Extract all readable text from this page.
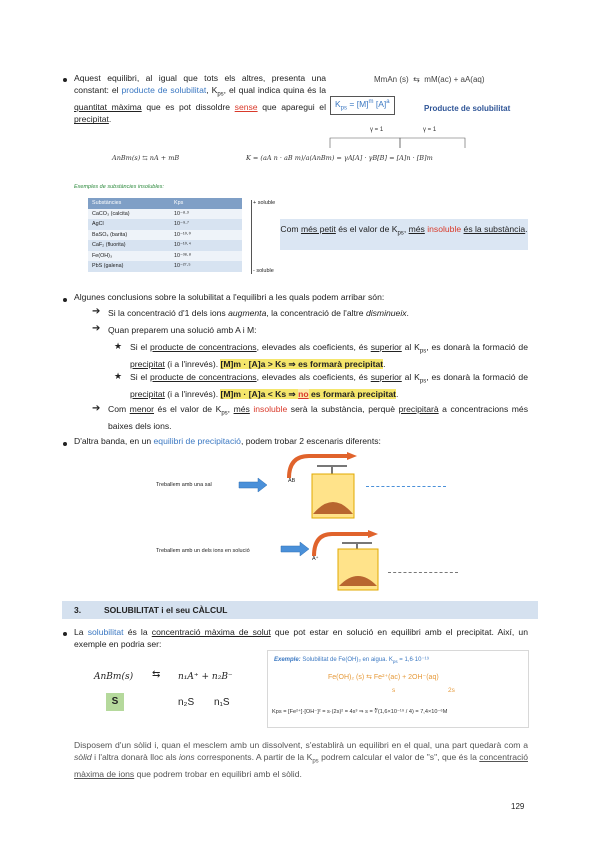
Aquest equilibri, al igual que tots els altres, presenta una constant: el producte de solubilitat, $K_{ps}$, el qual indica quina és la quantitat màxima que es pot dissoldre sense que aparegui el precipitat.

MmAn (s) ⇆ mM(ac) + aA(aq)
$K_{ps} = [M]^m$ $[A]^a$
Producte de solubilitat
γ = 1	γ = 1
AnBm(s) ⇆ nA + mB	K = (aA n · aB m)/a(AnBm) = γA[A] · γB[B] = [A]n · [B]m
Exemples de substàncies insolubles:
Substàncies	Kps
CaCO₃ (calcita)	10⁻⁸·³
AgCl	10⁻⁹·⁷
BaSO₄ (barita)	10⁻¹⁰·⁰
CaF₂ (fluorita)	10⁻¹⁰·⁴
Fe(OH)₃	10⁻³⁸·⁸
PbS (galena)	10⁻²⁷·⁵
+ soluble
- soluble
Com més petit és el valor de $K_{ps}$, més insoluble és la substància.
Algunes conclusions sobre la solubilitat a l'equilibri a les quals podem arribar són:
➔ Si la concentració d'1 dels ions augmenta, la concentració de l'altre disminueix.
➔ Quan preparem una solució amb A i M:
★ Si el producte de concentracions, elevades als coeficients, és superior al $K_{ps}$, es donarà la formació de precipitat (i a l'inrevés). [M]m · [A]a > Ks ⇒ es formarà precipitat.

★ Si el producte de concentracions, elevades als coeficients, és superior al $K_{ps}$, es donarà la formació de precipitat (i a l'inrevés). [M]m · [A]a < Ks ⇒ no es formarà precipitat.

➔ Com menor és el valor de $K_{ps}$, més insoluble serà la substància, perquè precipitarà a concentracions més baixes dels ions.

D'altra banda, en un equilibri de precipitació, podem trobar 2 escenaris diferents:
Treballem amb una sal
AB
Treballem amb un dels ions en solució
A⁺
3.	SOLUBILITAT i el seu CÀLCUL

La solubilitat és la concentració màxima de solut que pot estar en solució en equilibri amb el precipitat. Així, un exemple en podria ser:

AnBm(s) ⇆ n₁A⁺ + n₂B⁻
S	n₂S n₁S
Exemple: Solubilitat de Fe(OH)₃ en aigua. $K_{ps} = 1,6\cdot 10^{-19}$
Fe(OH)₂ (s) ⇆ Fe²⁺(ac) + 2OH⁻(aq)
s	2s
Kps = [Fe²⁺]·[OH⁻]² = s·(2s)² = 4s³ ⇒ s = ∛(1,6×10⁻¹⁹ / 4) = 7,4×10⁻⁶M

Disposem d'un sòlid i, quan el mesclem amb un dissolvent, s'establirà un equilibri en el qual, una part quedarà com a sòlid i l'altra donarà lloc als ions corresponents. A partir de la $K_{ps}$ podrem calcular el valor de "s", que és la concentració màxima de ions que podrem trobar en equilibri amb el sòlid.

129
